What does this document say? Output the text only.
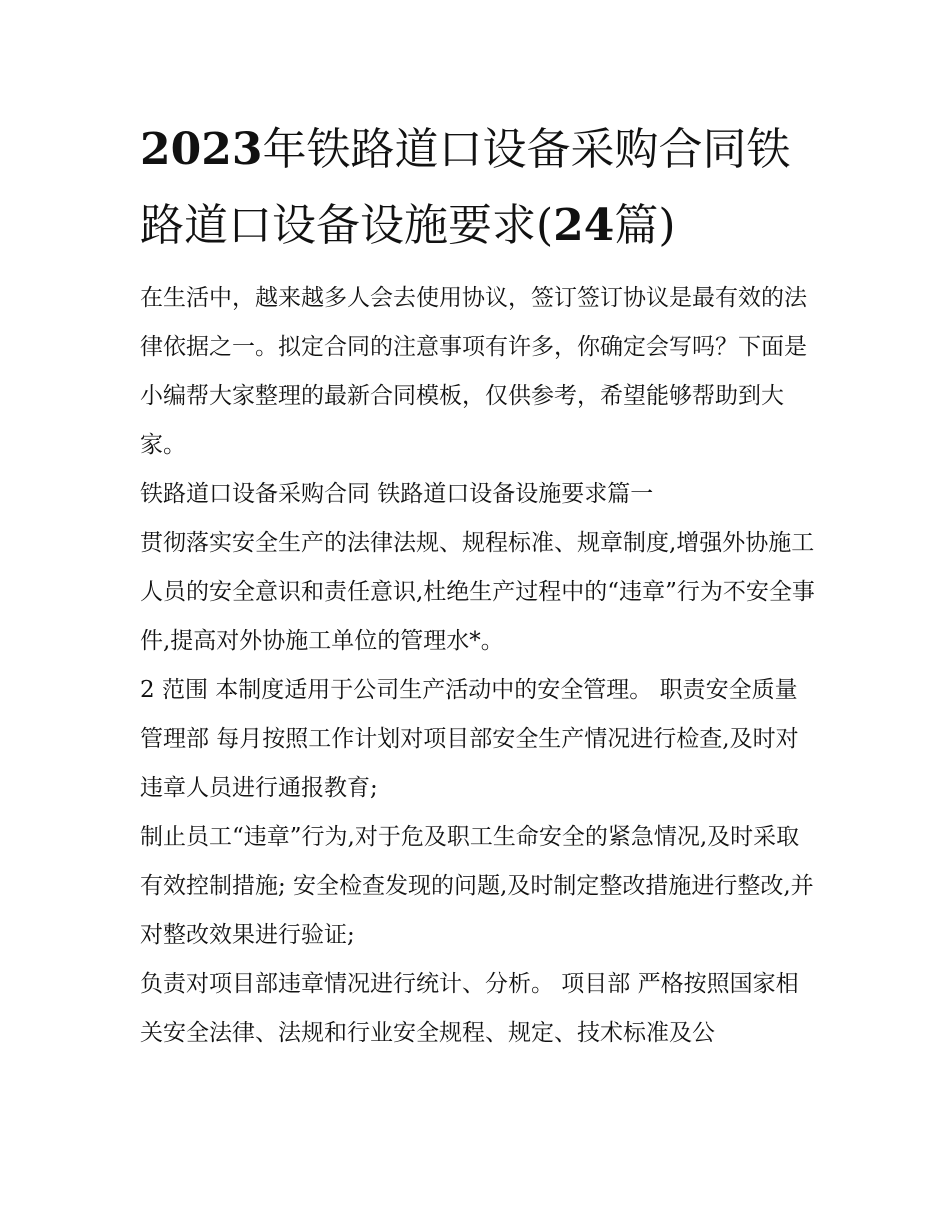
2023年铁路道口设备采购合同铁路道口设备设施要求(24篇)

在生活中，越来越多人会去使用协议，签订签订协议是最有效的法律依据之一。拟定合同的注意事项有许多，你确定会写吗？下面是小编帮大家整理的最新合同模板，仅供参考，希望能够帮助到大家。

铁路道口设备采购合同 铁路道口设备设施要求篇一

贯彻落实安全生产的法律法规、规程标准、规章制度,增强外协施工人员的安全意识和责任意识,杜绝生产过程中的“违章”行为不安全事件,提高对外协施工单位的管理水*。

2 范围 本制度适用于公司生产活动中的安全管理。 职责安全质量管理部 每月按照工作计划对项目部安全生产情况进行检查,及时对违章人员进行通报教育;

制止员工“违章”行为,对于危及职工生命安全的紧急情况,及时采取有效控制措施; 安全检查发现的问题,及时制定整改措施进行整改,并对整改效果进行验证;

负责对项目部违章情况进行统计、分析。 项目部 严格按照国家相关安全法律、法规和行业安全规程、规定、技术标准及公
